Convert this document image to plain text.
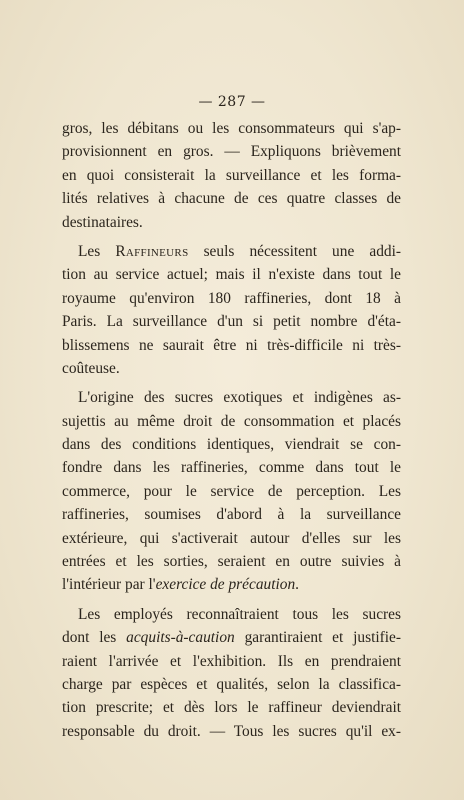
— 287 —
gros, les débitans ou les consommateurs qui s'ap-
provisionnent en gros. — Expliquons brièvement
en quoi consisterait la surveillance et les forma-
lités relatives à chacune de ces quatre classes de
destinataires.
Les Raffineurs seuls nécessitent une addi-
tion au service actuel; mais il n'existe dans tout le
royaume qu'environ 180 raffineries, dont 18 à
Paris. La surveillance d'un si petit nombre d'éta-
blissemens ne saurait être ni très-difficile ni très-
coûteuse.
L'origine des sucres exotiques et indigènes as-
sujettis au même droit de consommation et placés
dans des conditions identiques, viendrait se con-
fondre dans les raffineries, comme dans tout le
commerce, pour le service de perception. Les
raffineries, soumises d'abord à la surveillance
extérieure, qui s'activerait autour d'elles sur les
entrées et les sorties, seraient en outre suivies à
l'intérieur par l'exercice de précaution.
Les employés reconnaîtraient tous les sucres
dont les acquits-à-caution garantiraient et justifie-
raient l'arrivée et l'exhibition. Ils en prendraient
charge par espèces et qualités, selon la classifica-
tion prescrite; et dès lors le raffineur deviendrait
responsable du droit. — Tous les sucres qu'il ex-
